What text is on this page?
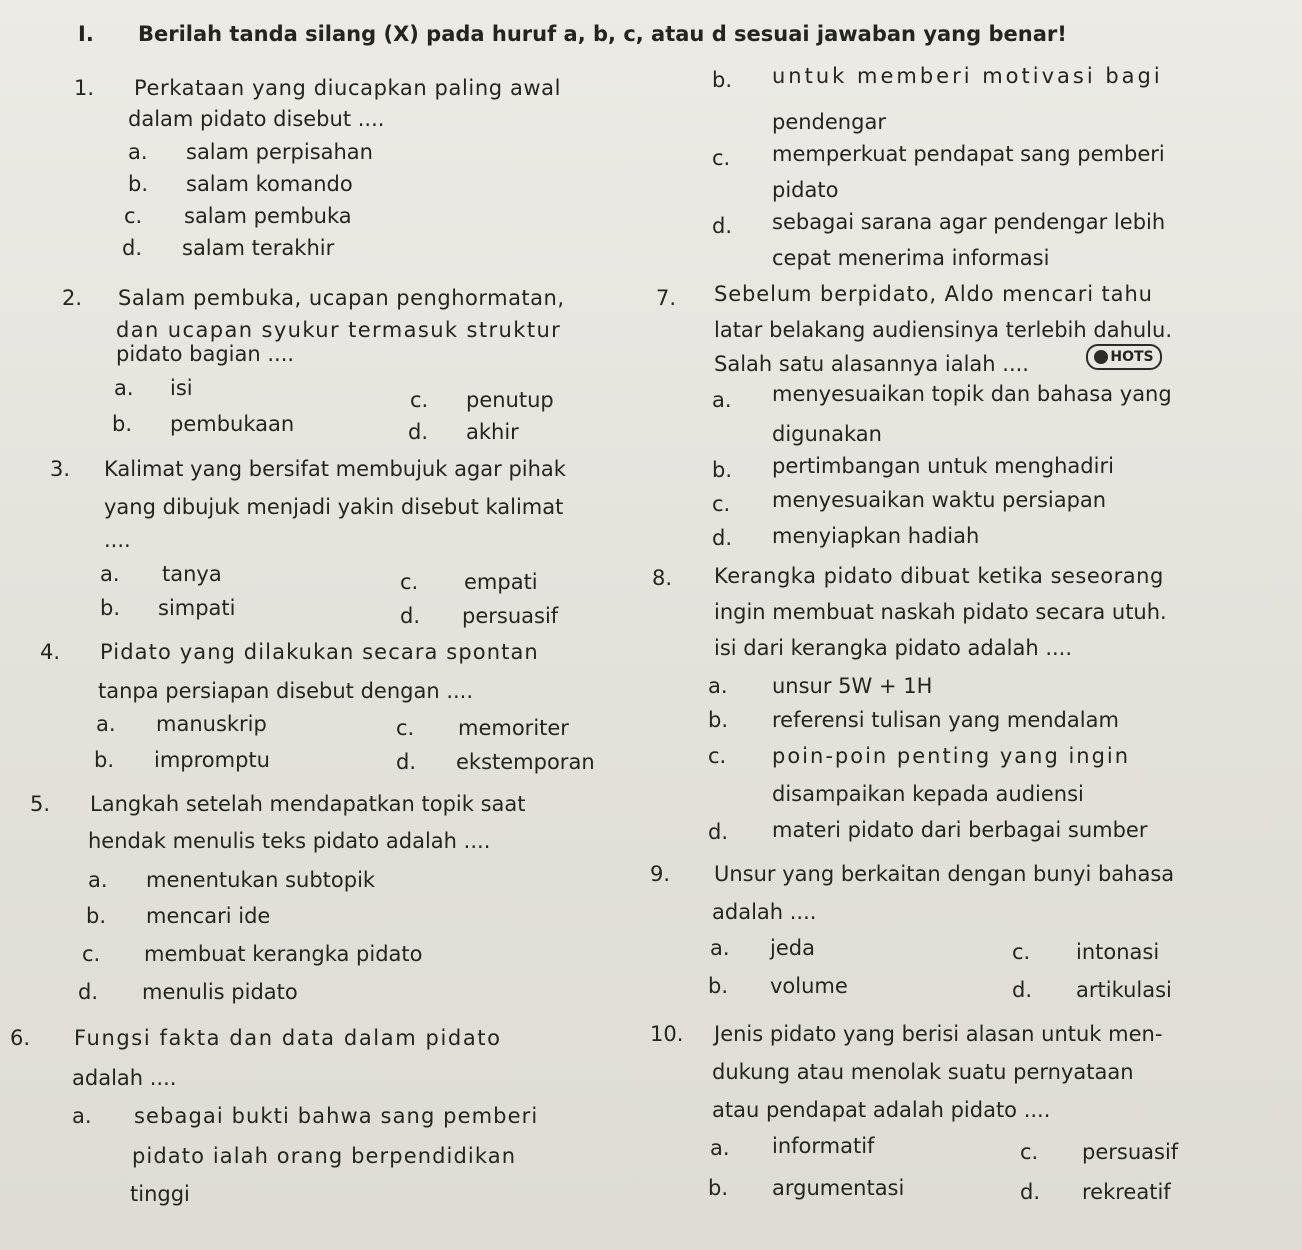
I. Berilah tanda silang (X) pada huruf a, b, c, atau d sesuai jawaban yang benar!
1. Perkataan yang diucapkan paling awal
dalam pidato disebut ....
a. salam perpisahan
b. salam komando
c. salam pembuka
d. salam terakhir
2. Salam pembuka, ucapan penghormatan,
dan ucapan syukur termasuk struktur
pidato bagian ....
a. isi
b. pembukaan
c. penutup
d. akhir
3. Kalimat yang bersifat membujuk agar pihak
yang dibujuk menjadi yakin disebut kalimat
....
a. tanya
b. simpati
c. empati
d. persuasif
4. Pidato yang dilakukan secara spontan
tanpa persiapan disebut dengan ....
a. manuskrip
b. impromptu
c. memoriter
d. ekstemporan
5. Langkah setelah mendapatkan topik saat
hendak menulis teks pidato adalah ....
a. menentukan subtopik
b. mencari ide
c. membuat kerangka pidato
d. menulis pidato
6. Fungsi fakta dan data dalam pidato
adalah ....
a. sebagai bukti bahwa sang pemberi
pidato ialah orang berpendidikan
tinggi
b. untuk memberi motivasi bagi
pendengar
c. memperkuat pendapat sang pemberi
pidato
d. sebagai sarana agar pendengar lebih
cepat menerima informasi
7. Sebelum berpidato, Aldo mencari tahu
latar belakang audiensinya terlebih dahulu.
Salah satu alasannya ialah ....	HOTS
a. menyesuaikan topik dan bahasa yang
digunakan
b. pertimbangan untuk menghadiri
c. menyesuaikan waktu persiapan
d. menyiapkan hadiah
8. Kerangka pidato dibuat ketika seseorang
ingin membuat naskah pidato secara utuh.
isi dari kerangka pidato adalah ....
a. unsur 5W + 1H
b. referensi tulisan yang mendalam
c. poin-poin penting yang ingin
disampaikan kepada audiensi
d. materi pidato dari berbagai sumber
9. Unsur yang berkaitan dengan bunyi bahasa
adalah ....
a. jeda
b. volume
c. intonasi
d. artikulasi
10. Jenis pidato yang berisi alasan untuk men-
dukung atau menolak suatu pernyataan
atau pendapat adalah pidato ....
a. informatif
b. argumentasi
c. persuasif
d. rekreatif
